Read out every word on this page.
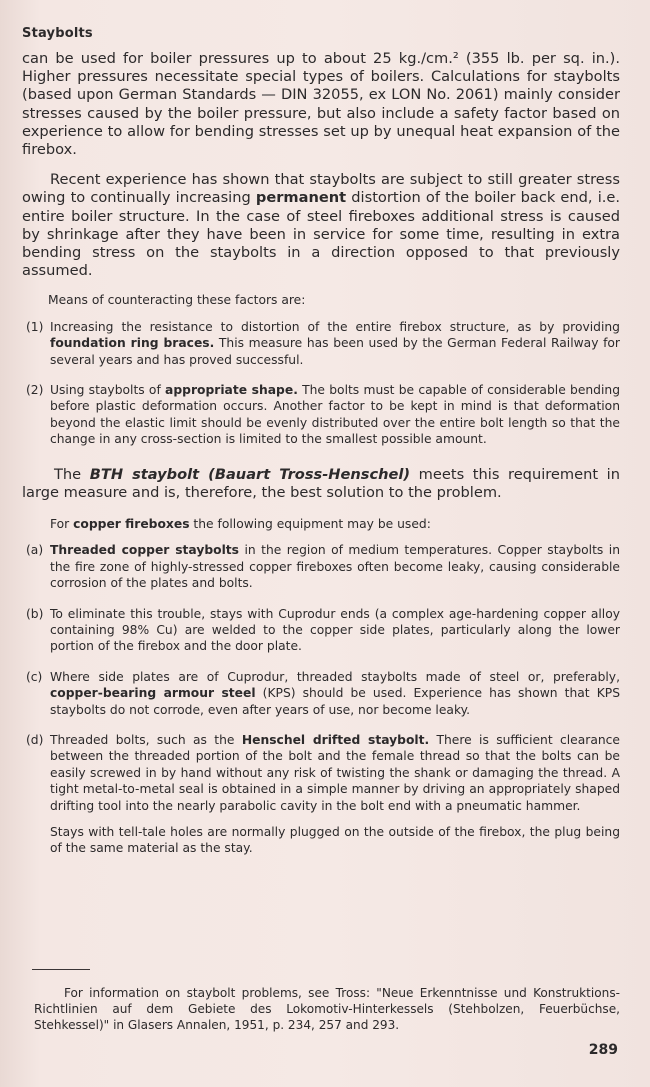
Staybolts

can be used for boiler pressures up to about 25 kg./cm.² (355 lb. per sq. in.). Higher pressures necessitate special types of boilers. Calculations for staybolts (based upon German Standards — DIN 32055, ex LON No. 2061) mainly consider stresses caused by the boiler pressure, but also include a safety factor based on experience to allow for bending stresses set up by unequal heat expansion of the firebox.

Recent experience has shown that staybolts are subject to still greater stress owing to continually increasing permanent distortion of the boiler back end, i.e. entire boiler structure. In the case of steel fireboxes additional stress is caused by shrinkage after they have been in service for some time, resulting in extra bending stress on the staybolts in a direction opposed to that previously assumed.

Means of counteracting these factors are:

(1) Increasing the resistance to distortion of the entire firebox structure, as by providing foundation ring braces. This measure has been used by the German Federal Railway for several years and has proved successful.
(2) Using staybolts of appropriate shape. The bolts must be capable of considerable bending before plastic deformation occurs. Another factor to be kept in mind is that deformation beyond the elastic limit should be evenly distributed over the entire bolt length so that the change in any cross-section is limited to the smallest possible amount.

The BTH staybolt (Bauart Tross-Henschel) meets this requirement in large measure and is, therefore, the best solution to the problem.

For copper fireboxes the following equipment may be used:

(a) Threaded copper staybolts in the region of medium temperatures. Copper staybolts in the fire zone of highly-stressed copper fireboxes often become leaky, causing considerable corrosion of the plates and bolts.
(b) To eliminate this trouble, stays with Cuprodur ends (a complex age-hardening copper alloy containing 98% Cu) are welded to the copper side plates, particularly along the lower portion of the firebox and the door plate.
(c) Where side plates are of Cuprodur, threaded staybolts made of steel or, preferably, copper-bearing armour steel (KPS) should be used. Experience has shown that KPS staybolts do not corrode, even after years of use, nor become leaky.
(d) Threaded bolts, such as the Henschel drifted staybolt. There is sufficient clearance between the threaded portion of the bolt and the female thread so that the bolts can be easily screwed in by hand without any risk of twisting the shank or damaging the thread. A tight metal-to-metal seal is obtained in a simple manner by driving an appropriately shaped drifting tool into the nearly parabolic cavity in the bolt end with a pneumatic hammer.

Stays with tell-tale holes are normally plugged on the outside of the firebox, the plug being of the same material as the stay.

For information on staybolt problems, see Tross: "Neue Erkenntnisse und Konstruktions-Richtlinien auf dem Gebiete des Lokomotiv-Hinterkessels (Stehbolzen, Feuerbüchse, Stehkessel)" in Glasers Annalen, 1951, p. 234, 257 and 293.
289
